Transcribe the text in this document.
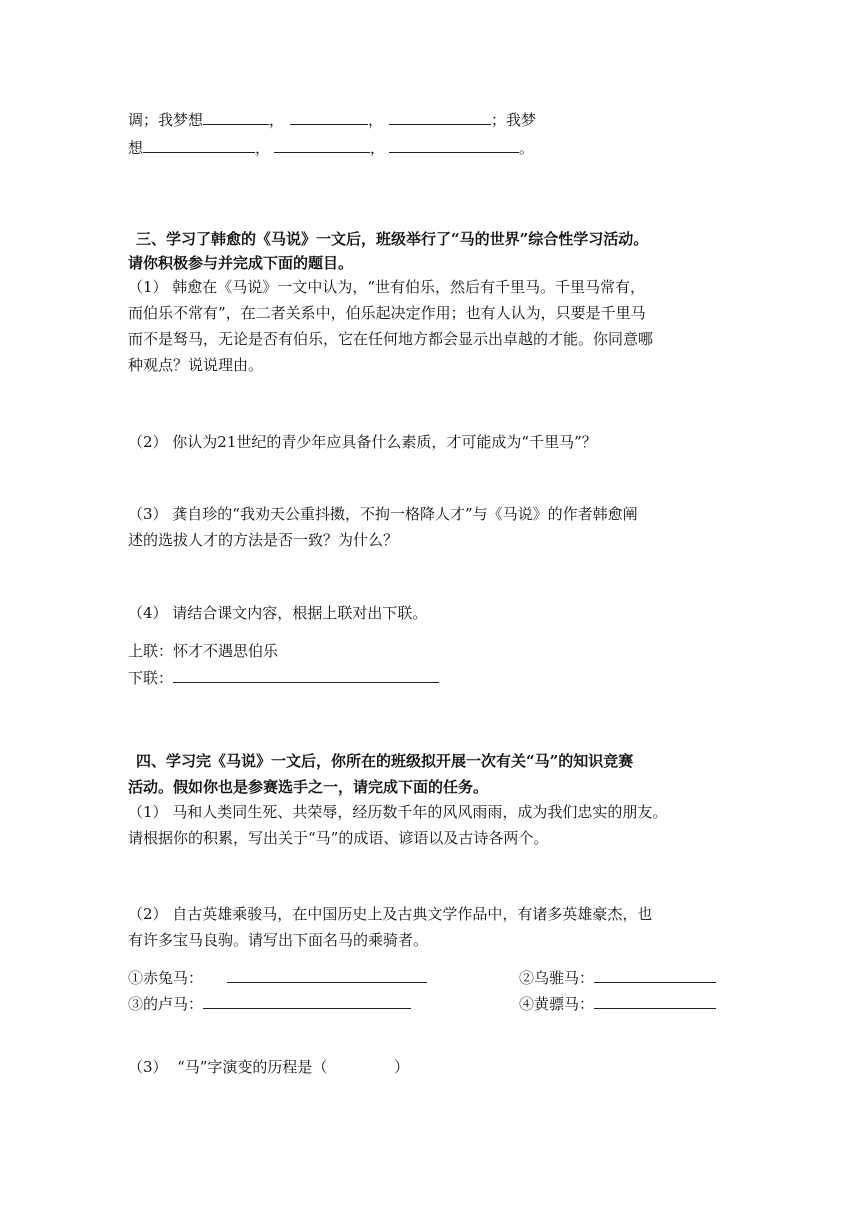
调；我梦想	，	，	；我梦
想	，	，	。
三、学习了韩愈的《马说》一文后，班级举行了“马的世界”综合性学习活动。
请你积极参与并完成下面的题目。
（1） 韩愈在《马说》一文中认为，“世有伯乐，然后有千里马。千里马常有，
而伯乐不常有”，在二者关系中，伯乐起决定作用；也有人认为，只要是千里马
而不是驽马，无论是否有伯乐，它在任何地方都会显示出卓越的才能。你同意哪
种观点？说说理由。
（2） 你认为21世纪的青少年应具备什么素质，才可能成为“千里马”？
（3） 龚自珍的“我劝天公重抖擞，不拘一格降人才”与《马说》的作者韩愈阐
述的选拔人才的方法是否一致？为什么？
（4） 请结合课文内容，根据上联对出下联。
上联：怀才不遇思伯乐
下联：
四、学习完《马说》一文后，你所在的班级拟开展一次有关“马”的知识竞赛
活动。假如你也是参赛选手之一，请完成下面的任务。
（1） 马和人类同生死、共荣辱，经历数千年的风风雨雨，成为我们忠实的朋友。
请根据你的积累，写出关于“马”的成语、谚语以及古诗各两个。
（2） 自古英雄乘骏马，在中国历史上及古典文学作品中，有诸多英雄豪杰，也
有许多宝马良驹。请写出下面名马的乘骑者。
①赤兔马：	②乌骓马：
③的卢马：	④黄骠马：
（3）  “马”字演变的历程是（              ）
